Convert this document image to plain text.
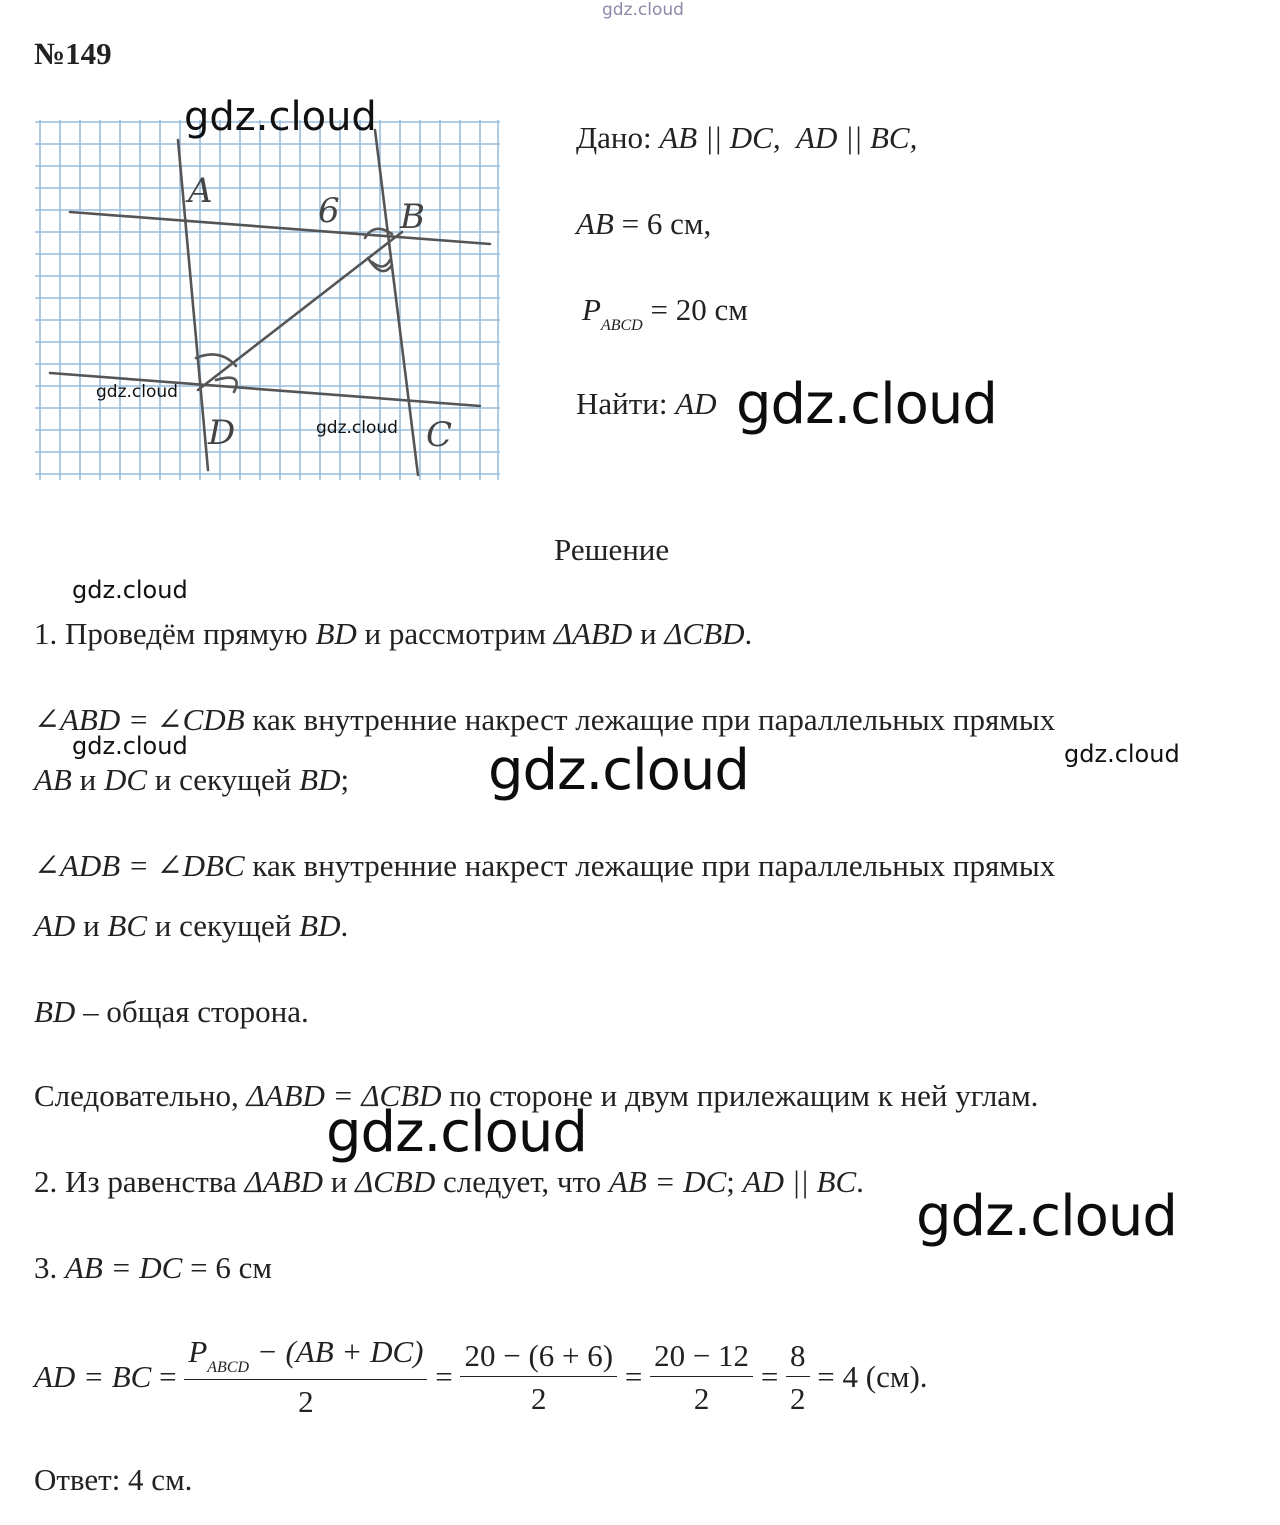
gdz.cloud
№149
A
B
C
D
6
gdz.cloud
gdz.cloud
gdz.cloud
Дано: AB || DC, AD || BC,
AB = 6 см,
$P_{ABCD} = 20$ см
Найти: AD
Решение
1. Проведём прямую BD и рассмотрим ΔABD и ΔCBD.
∠ABD = ∠CDB как внутренние накрест лежащие при параллельных прямых
AB и DC и секущей BD;
∠ADB = ∠DBC как внутренние накрест лежащие при параллельных прямых
AD и BC и секущей BD.
BD – общая сторона.
Следовательно, ΔABD = ΔCBD по стороне и двум прилежащим к ней углам.
2. Из равенства ΔABD и ΔCBD следует, что AB = DC; AD || BC.
3. AB = DC = 6 см
AD = BC = $\frac{P_{ABCD} - (AB + DC)}{2} = \frac{20 - (6 + 6)}{2} = \frac{20 - 12}{2} = \frac{8}{2} = 4$ (см).
Ответ: 4 см.
gdz.cloud
gdz.cloud
gdz.cloud	gdz.cloud	gdz.cloud
gdz.cloud
gdz.cloud
